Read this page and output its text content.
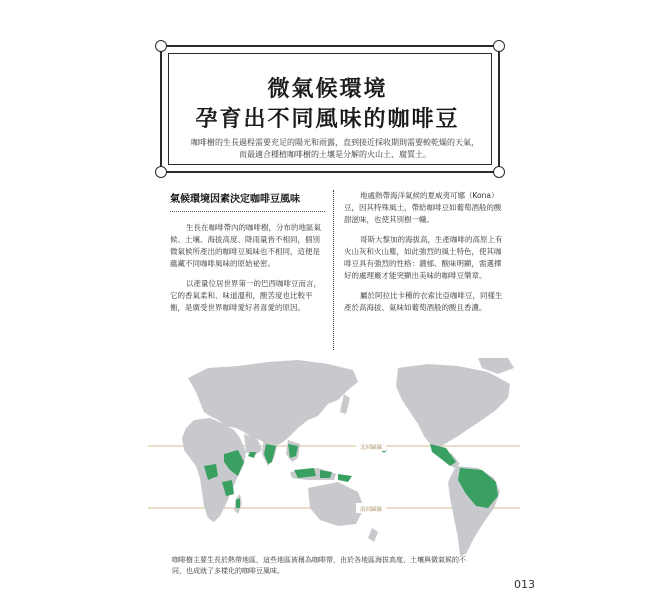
微氣候環境
孕育出不同風味的咖啡豆
咖啡樹的生長過程需要充足的陽光和雨露，直到接近採收期則需要較乾燥的天氣，而最適合種植咖啡樹的土壤是分解的火山土、腐質土。
氣候環境因素決定咖啡豆風味

生長在咖啡帶內的咖啡樹，分布的地區氣候、土壤、海拔高度、降雨量皆不相同，個別微氣候所產出的咖啡豆風味也不相同，這便是蘊藏不同咖啡風味的原始祕密。

以產量位居世界第一的巴西咖啡豆而言，它的香氣柔和、味道溫和，酸苦度也比較平衡，是廣受世界咖啡愛好者喜愛的原因。

地處熱帶海洋氣候的夏威夷可娜（Kona）豆，因其特殊風土，帶給咖啡豆如葡萄酒般的酸甜滋味，也使其別樹一幟。

哥斯大黎加的海拔高，生產咖啡的高原上有火山灰和火山塵，如此強烈的風土特色，使其咖啡豆具有強烈的性格：濃郁、酸味明顯，需選擇好的處理廠才能突顯出美味的咖啡豆樂章。

屬於阿拉比卡種的衣索比亞咖啡豆，同樣生產於高海拔、氣味如葡萄酒般的酸且香濃。

北回歸線
南回歸線
咖啡樹主要生長於熱帶地區，這些地區被稱為咖啡帶，由於各地區海拔高度、土壤與微氣候的不同，也成就了多樣化的咖啡豆風味。
013
